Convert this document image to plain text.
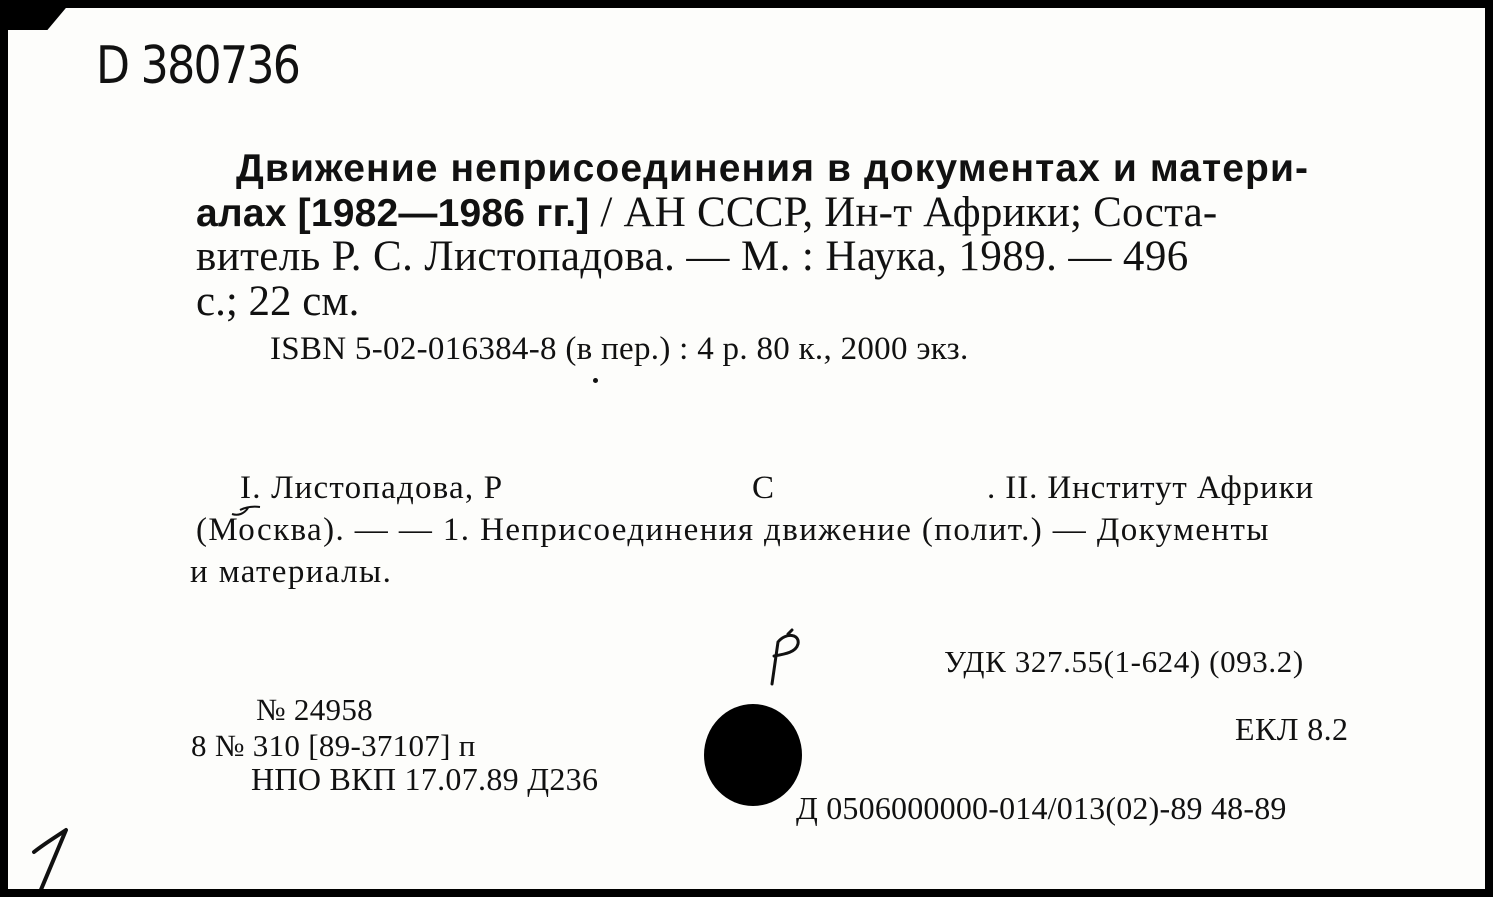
D 380736
Движение неприсоединения в документах и матери-
алах [1982—1986 гг.] / АН СССР, Ин-т Африки; Соста-
витель Р. С. Листопадова. — М. : Наука, 1989. — 496
с.; 22 см.
ISBN 5-02-016384-8 (в пер.) : 4 р. 80 к., 2000 экз.
I. Листопадова, Р	С	. II. Институт Африки
(Москва). — — 1. Неприсоединения движение (полит.) — Документы
и материалы.
УДК 327.55(1-624) (093.2)
№ 24958
8 № 310 [89-37107] п
НПО ВКП 17.07.89 Д236
ЕКЛ 8.2
Д 0506000000-014/013(02)-89 48-89
